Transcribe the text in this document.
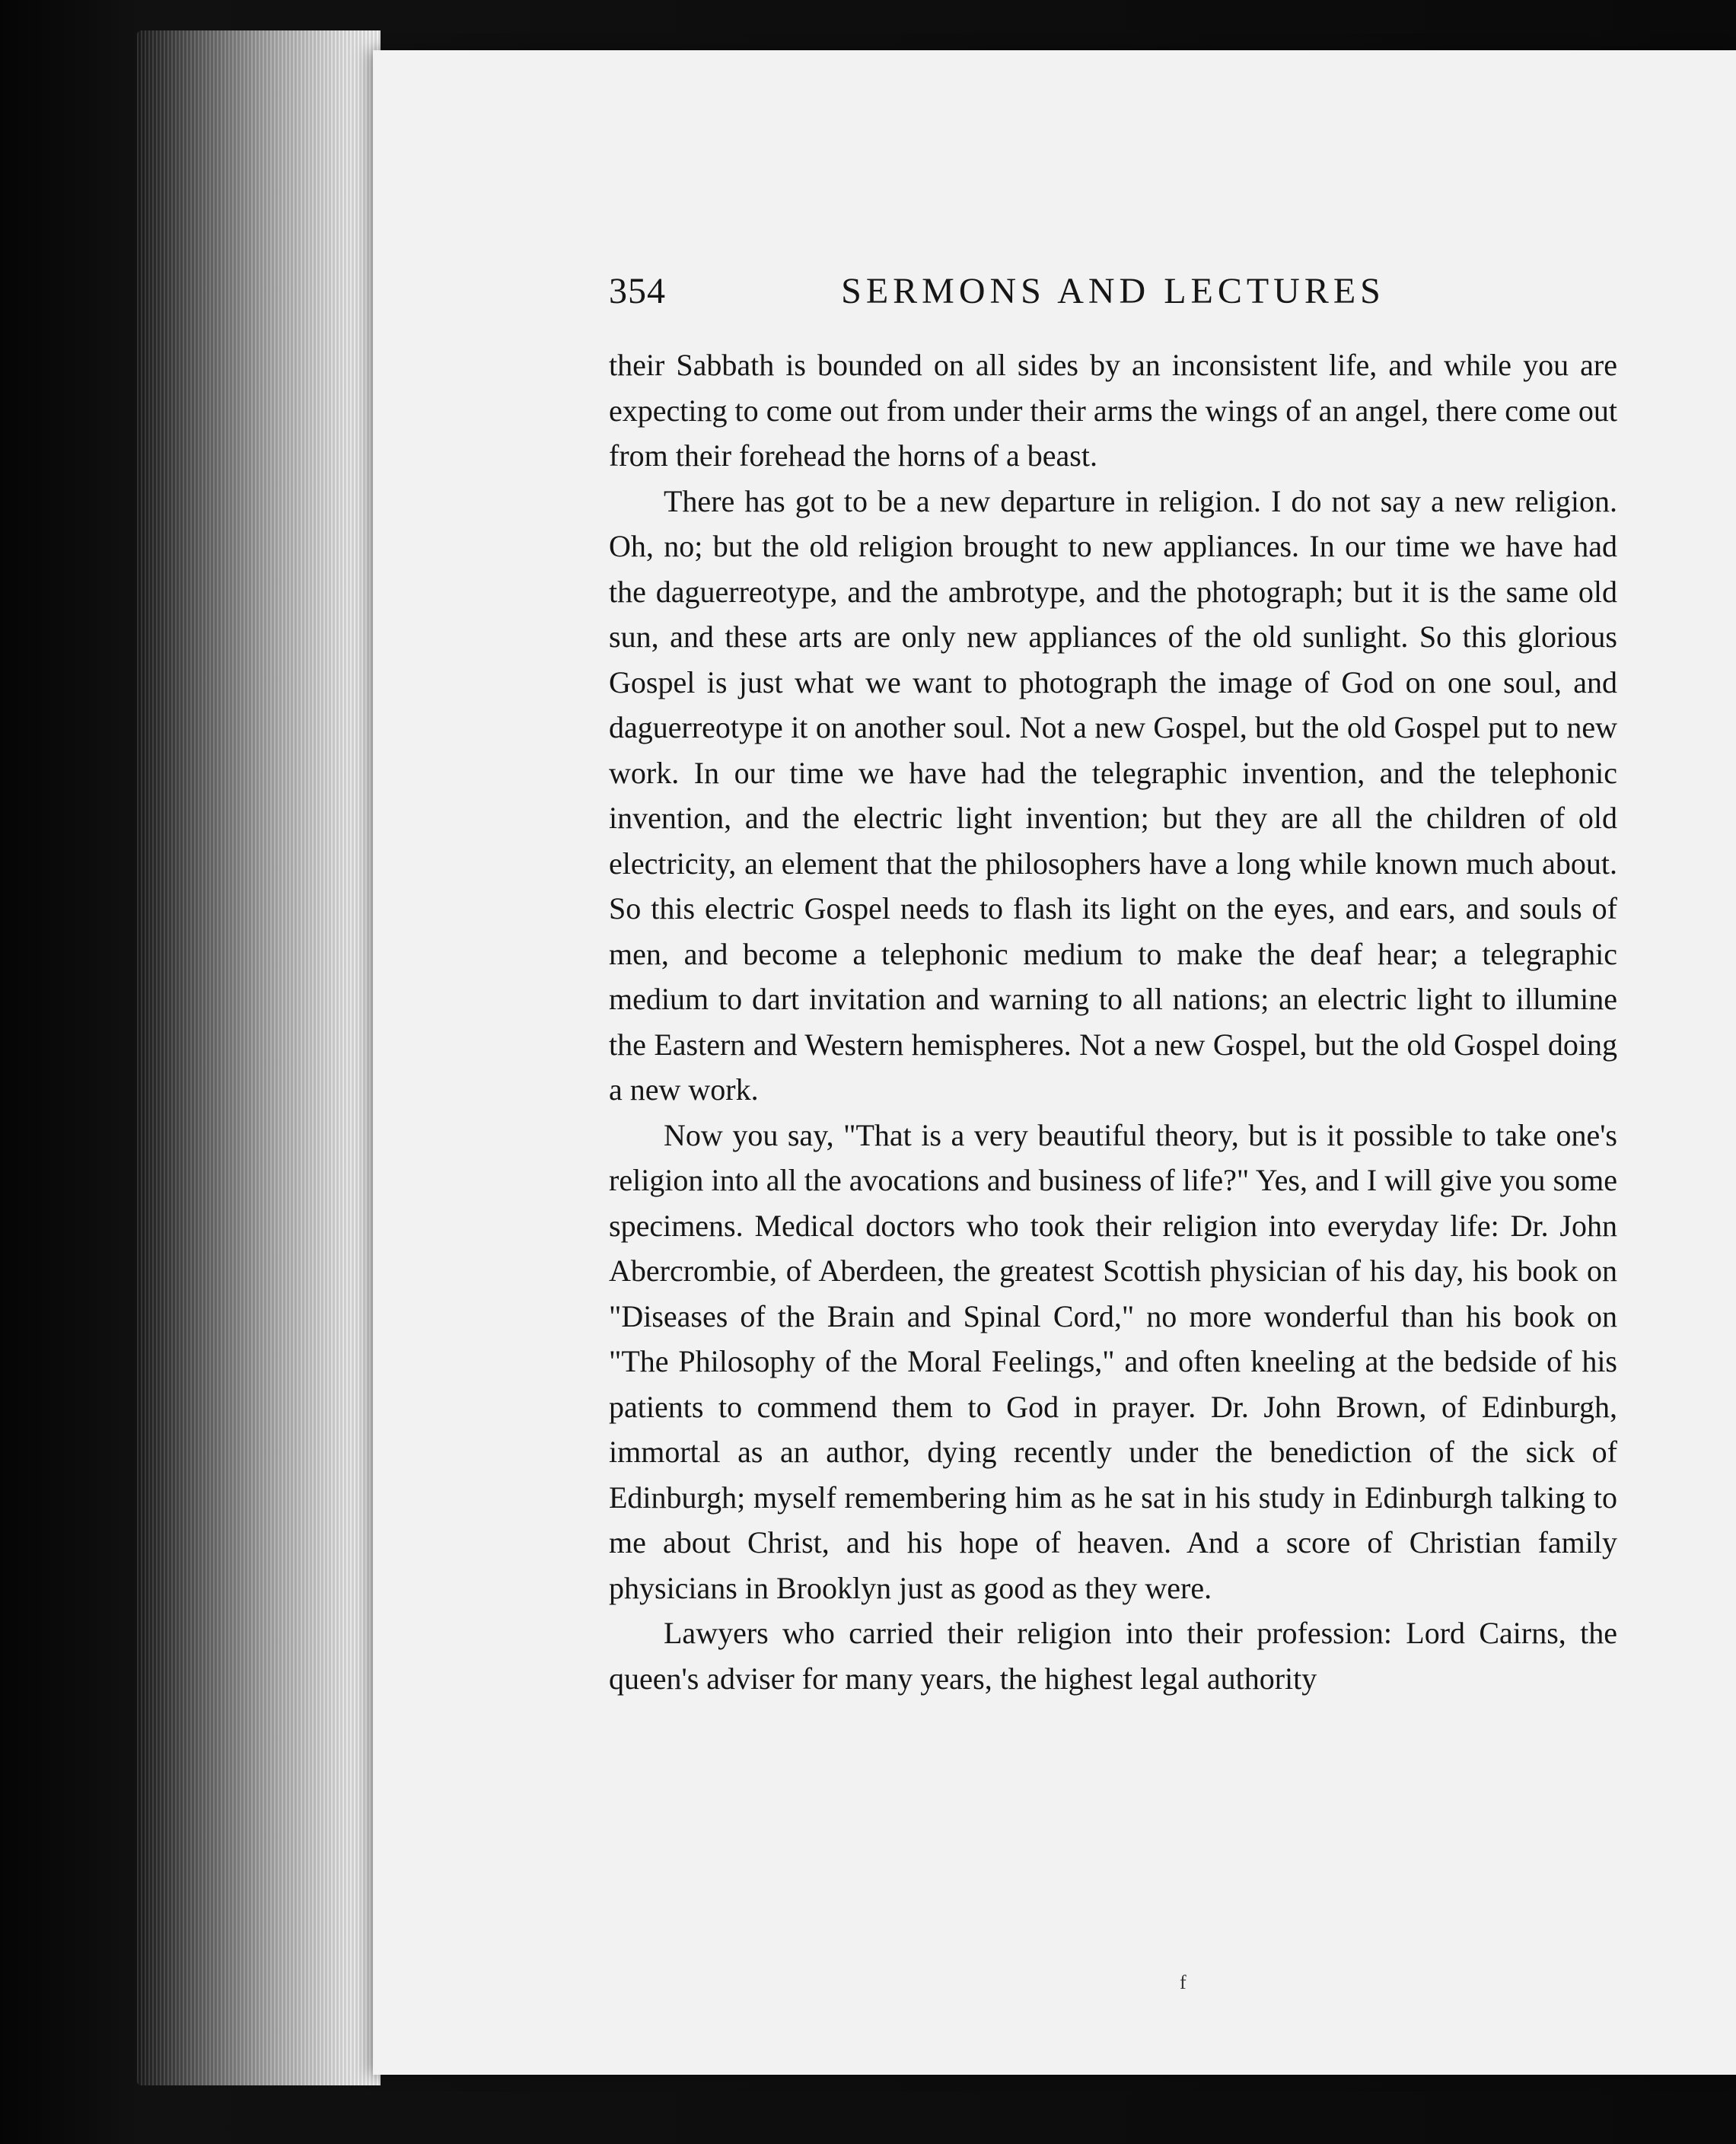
354	SERMONS AND LECTURES

their Sabbath is bounded on all sides by an inconsistent life, and while you are expecting to come out from under their arms the wings of an angel, there come out from their forehead the horns of a beast.

There has got to be a new departure in religion. I do not say a new religion. Oh, no; but the old religion brought to new appliances. In our time we have had the daguerreotype, and the ambrotype, and the photograph; but it is the same old sun, and these arts are only new appliances of the old sunlight. So this glorious Gospel is just what we want to photograph the image of God on one soul, and daguerreotype it on another soul. Not a new Gospel, but the old Gospel put to new work. In our time we have had the telegraphic invention, and the telephonic invention, and the electric light invention; but they are all the children of old electricity, an element that the philosophers have a long while known much about. So this electric Gospel needs to flash its light on the eyes, and ears, and souls of men, and become a telephonic medium to make the deaf hear; a telegraphic medium to dart invitation and warning to all nations; an electric light to illumine the Eastern and Western hemispheres. Not a new Gospel, but the old Gospel doing a new work.

Now you say, "That is a very beautiful theory, but is it possible to take one's religion into all the avocations and business of life?" Yes, and I will give you some specimens. Medical doctors who took their religion into everyday life: Dr. John Abercrombie, of Aberdeen, the greatest Scottish physician of his day, his book on "Diseases of the Brain and Spinal Cord," no more wonderful than his book on "The Philosophy of the Moral Feelings," and often kneeling at the bedside of his patients to commend them to God in prayer. Dr. John Brown, of Edinburgh, immortal as an author, dying recently under the benediction of the sick of Edinburgh; myself remembering him as he sat in his study in Edinburgh talking to me about Christ, and his hope of heaven. And a score of Christian family physicians in Brooklyn just as good as they were.

Lawyers who carried their religion into their profession: Lord Cairns, the queen's adviser for many years, the highest legal authority

f
